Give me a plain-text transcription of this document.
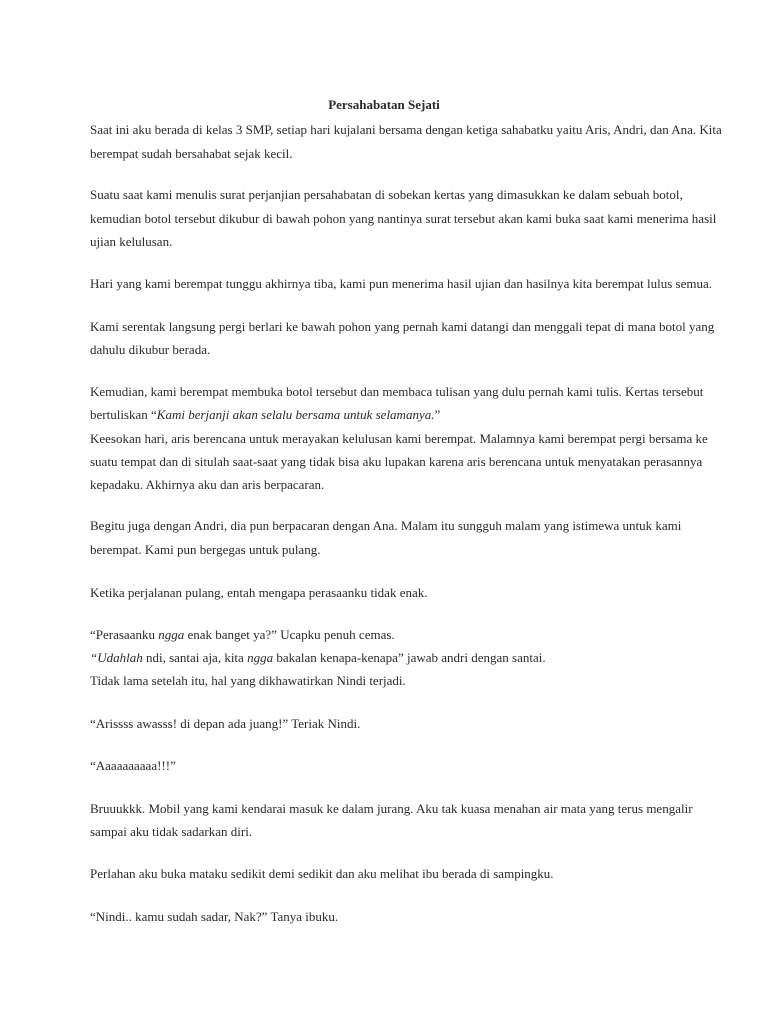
Persahabatan Sejati
Saat ini aku berada di kelas 3 SMP, setiap hari kujalani bersama dengan ketiga sahabatku yaitu Aris, Andri, dan Ana. Kita
berempat sudah bersahabat sejak kecil.
Suatu saat kami menulis surat perjanjian persahabatan di sobekan kertas yang dimasukkan ke dalam sebuah botol,
kemudian botol tersebut dikubur di bawah pohon yang nantinya surat tersebut akan kami buka saat kami menerima hasil
ujian kelulusan.
Hari yang kami berempat tunggu akhirnya tiba, kami pun menerima hasil ujian dan hasilnya kita berempat lulus semua.
Kami serentak langsung pergi berlari ke bawah pohon yang pernah kami datangi dan menggali tepat di mana botol yang
dahulu dikubur berada.
Kemudian, kami berempat membuka botol tersebut dan membaca tulisan yang dulu pernah kami tulis. Kertas tersebut
bertuliskan “Kami berjanji akan selalu bersama untuk selamanya.”
Keesokan hari, aris berencana untuk merayakan kelulusan kami berempat. Malamnya kami berempat pergi bersama ke
suatu tempat dan di situlah saat-saat yang tidak bisa aku lupakan karena aris berencana untuk menyatakan perasannya
kepadaku. Akhirnya aku dan aris berpacaran.
Begitu juga dengan Andri, dia pun berpacaran dengan Ana. Malam itu sungguh malam yang istimewa untuk kami
berempat. Kami pun bergegas untuk pulang.
Ketika perjalanan pulang, entah mengapa perasaanku tidak enak.
“Perasaanku ngga enak banget ya?” Ucapku penuh cemas.
“Udahlah ndi, santai aja, kita ngga bakalan kenapa-kenapa” jawab andri dengan santai.
Tidak lama setelah itu, hal yang dikhawatirkan Nindi terjadi.
“Arissss awasss! di depan ada juang!” Teriak Nindi.
“Aaaaaaaaaa!!!”
Bruuukkk. Mobil yang kami kendarai masuk ke dalam jurang. Aku tak kuasa menahan air mata yang terus mengalir
sampai aku tidak sadarkan diri.
Perlahan aku buka mataku sedikit demi sedikit dan aku melihat ibu berada di sampingku.
“Nindi.. kamu sudah sadar, Nak?” Tanya ibuku.
